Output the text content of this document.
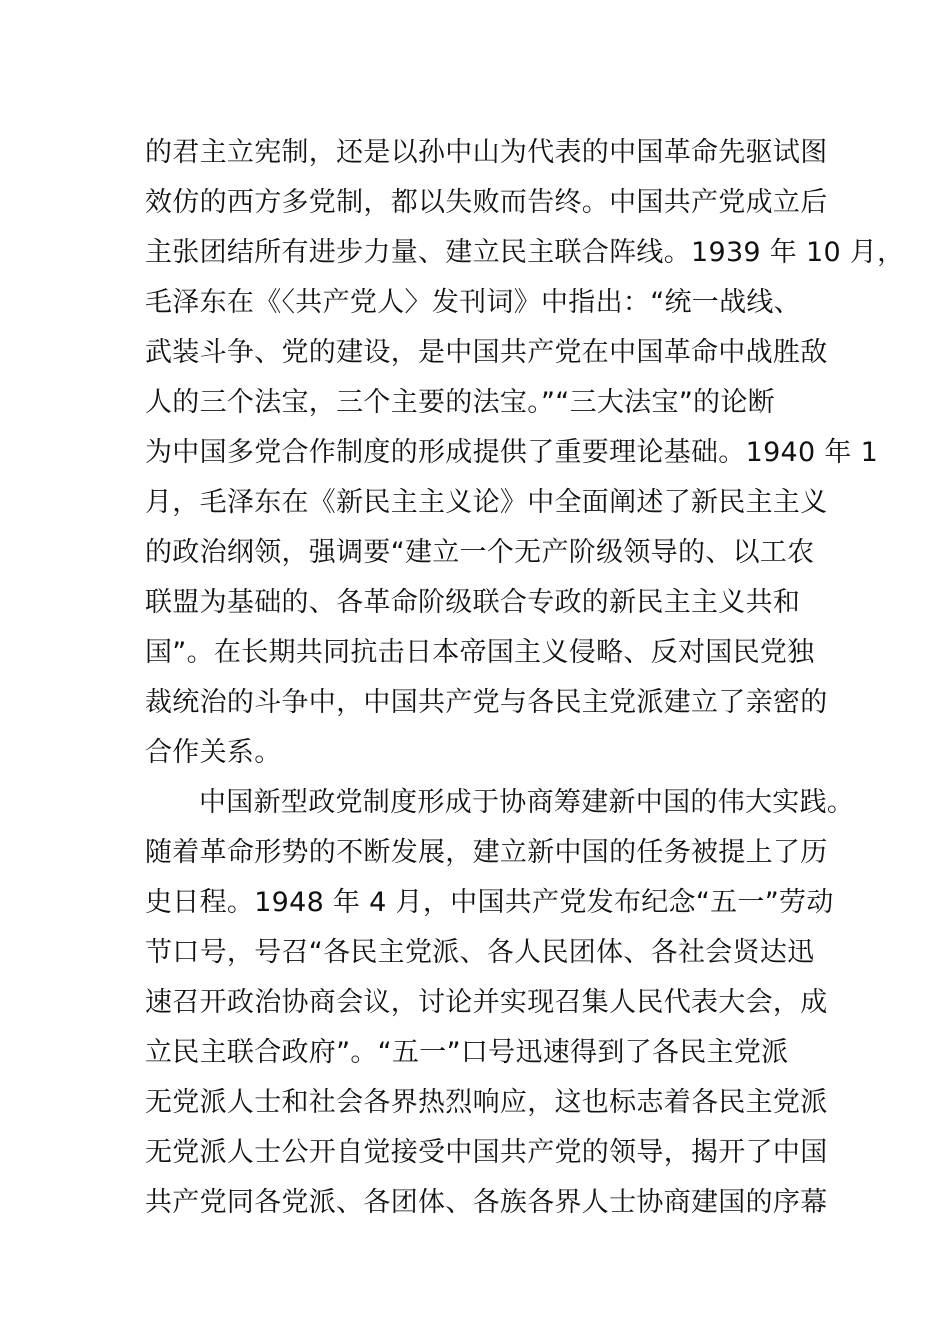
的君主立宪制，还是以孙中山为代表的中国革命先驱试图
效仿的西方多党制，都以失败而告终。中国共产党成立后
主张团结所有进步力量、建立民主联合阵线。1939 年 10 月，
毛泽东在《〈共产党人〉发刊词》中指出：“统一战线、
武装斗争、党的建设，是中国共产党在中国革命中战胜敌
人的三个法宝，三个主要的法宝。”“三大法宝”的论断
为中国多党合作制度的形成提供了重要理论基础。1940 年 1
月，毛泽东在《新民主主义论》中全面阐述了新民主主义
的政治纲领，强调要“建立一个无产阶级领导的、以工农
联盟为基础的、各革命阶级联合专政的新民主主义共和
国”。在长期共同抗击日本帝国主义侵略、反对国民党独
裁统治的斗争中，中国共产党与各民主党派建立了亲密的
合作关系。
中国新型政党制度形成于协商筹建新中国的伟大实践。
随着革命形势的不断发展，建立新中国的任务被提上了历
史日程。1948 年 4 月，中国共产党发布纪念“五一”劳动
节口号，号召“各民主党派、各人民团体、各社会贤达迅
速召开政治协商会议，讨论并实现召集人民代表大会，成
立民主联合政府”。“五一”口号迅速得到了各民主党派
无党派人士和社会各界热烈响应，这也标志着各民主党派
无党派人士公开自觉接受中国共产党的领导，揭开了中国
共产党同各党派、各团体、各族各界人士协商建国的序幕
